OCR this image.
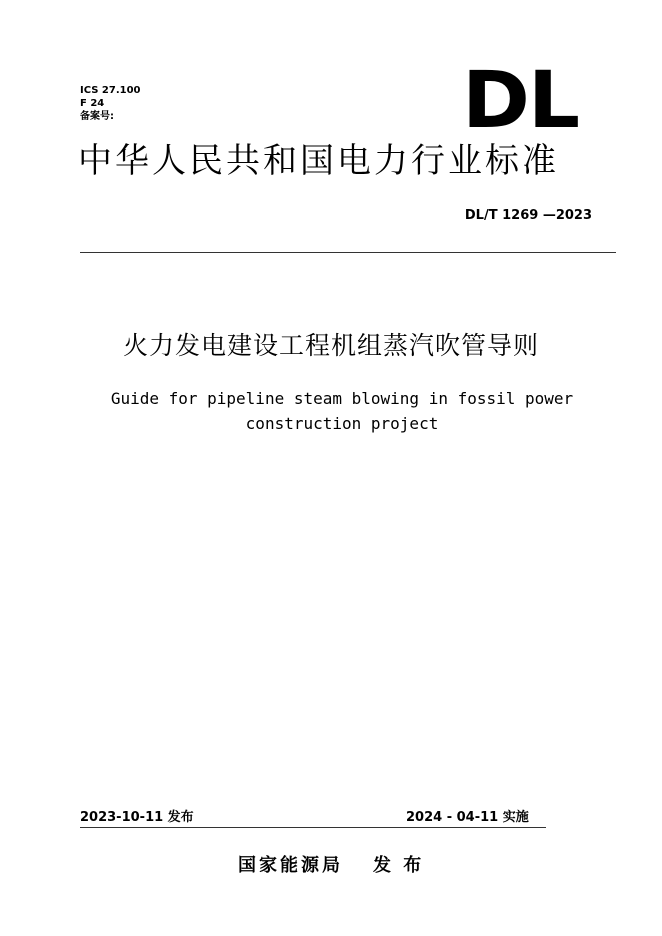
ICS 27.100
F 24
备案号:	DL
中华人民共和国电力行业标准
DL/T 1269 —2023
火力发电建设工程机组蒸汽吹管导则
Guide for pipeline steam blowing in fossil power
construction project
2023-10-11 发布	2024 - 04-11 实施
国家能源局 发 布
